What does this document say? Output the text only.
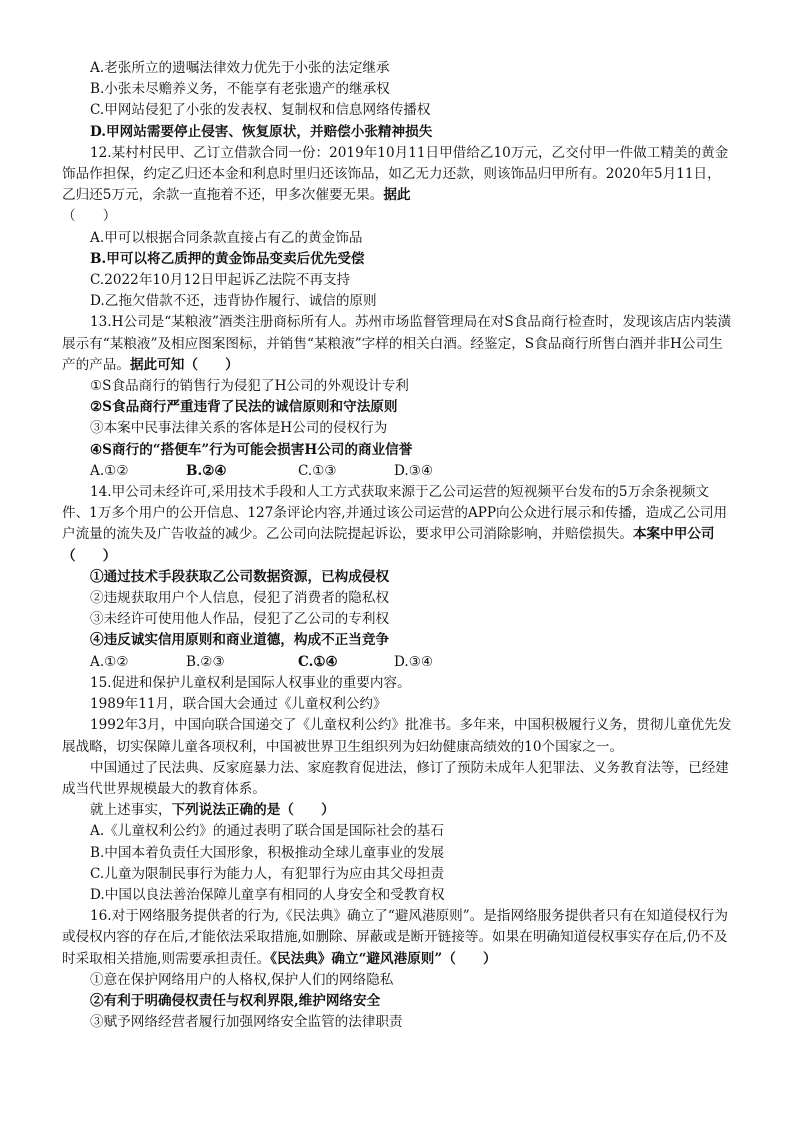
A.老张所立的遗嘱法律效力优先于小张的法定继承

B.小张未尽赡养义务，不能享有老张遗产的继承权

C.甲网站侵犯了小张的发表权、复制权和信息网络传播权

D.甲网站需要停止侵害、恢复原状，并赔偿小张精神损失

12.某村村民甲、乙订立借款合同一份：2019年10月11日甲借给乙10万元，乙交付甲一件做工精美的黄金饰品作担保，约定乙归还本金和利息时里归还该饰品，如乙无力还款，则该饰品归甲所有。2020年5月11日，乙归还5万元，余款一直拖着不还，甲多次催要无果。据此
（　　）

A.甲可以根据合同条款直接占有乙的黄金饰品

B.甲可以将乙质押的黄金饰品变卖后优先受偿

C.2022年10月12日甲起诉乙法院不再支持

D.乙拖欠借款不还，违背协作履行、诚信的原则

13.H公司是“某粮液”酒类注册商标所有人。苏州市场监督管理局在对S食品商行检查时，发现该店店内装潢展示有“某粮液”及相应图案图标，并销售“某粮液”字样的相关白酒。经鉴定，S食品商行所售白酒并非H公司生产的产品。据此可知（　　）

①S食品商行的销售行为侵犯了H公司的外观设计专利

②S食品商行严重违背了民法的诚信原则和守法原则

③本案中民事法律关系的客体是H公司的侵权行为

④S商行的“搭便车”行为可能会损害H公司的商业信誉

A.①②	B.②④	C.①③	D.③④

14.甲公司未经许可,采用技术手段和人工方式获取来源于乙公司运营的短视频平台发布的5万余条视频文件、1万多个用户的公开信息、127条评论内容,并通过该公司运营的APP向公众进行展示和传播，造成乙公司用户流量的流失及广告收益的减少。乙公司向法院提起诉讼，要求甲公司消除影响，并赔偿损失。本案中甲公司（　　）

①通过技术手段获取乙公司数据资源，已构成侵权

②违规获取用户个人信息，侵犯了消费者的隐私权

③未经许可使用他人作品，侵犯了乙公司的专利权

④违反诚实信用原则和商业道德，构成不正当竞争

A.①②	B.②③	C.①④	D.③④

15.促进和保护儿童权利是国际人权事业的重要内容。

1989年11月，联合国大会通过《儿童权利公约》

1992年3月，中国向联合国递交了《儿童权利公约》批准书。多年来，中国积极履行义务，贯彻儿童优先发展战略，切实保障儿童各项权利，中国被世界卫生组织列为妇幼健康高绩效的10个国家之一。

中国通过了民法典、反家庭暴力法、家庭教育促进法，修订了预防未成年人犯罪法、义务教育法等，已经建成当代世界规模最大的教育体系。

就上述事实，下列说法正确的是（　　）

A.《儿童权利公约》的通过表明了联合国是国际社会的基石

B.中国本着负责任大国形象，积极推动全球儿童事业的发展

C.儿童为限制民事行为能力人，有犯罪行为应由其父母担责

D.中国以良法善治保障儿童享有相同的人身安全和受教育权

16.对于网络服务提供者的行为,《民法典》确立了“避风港原则”。是指网络服务提供者只有在知道侵权行为或侵权内容的存在后,才能依法采取措施,如删除、屏蔽或是断开链接等。如果在明确知道侵权事实存在后,仍不及时采取相关措施,则需要承担责任。《民法典》确立“避风港原则”（　　）

①意在保护网络用户的人格权,保护人们的网络隐私

②有利于明确侵权责任与权利界限,维护网络安全

③赋予网络经营者履行加强网络安全监管的法律职责
